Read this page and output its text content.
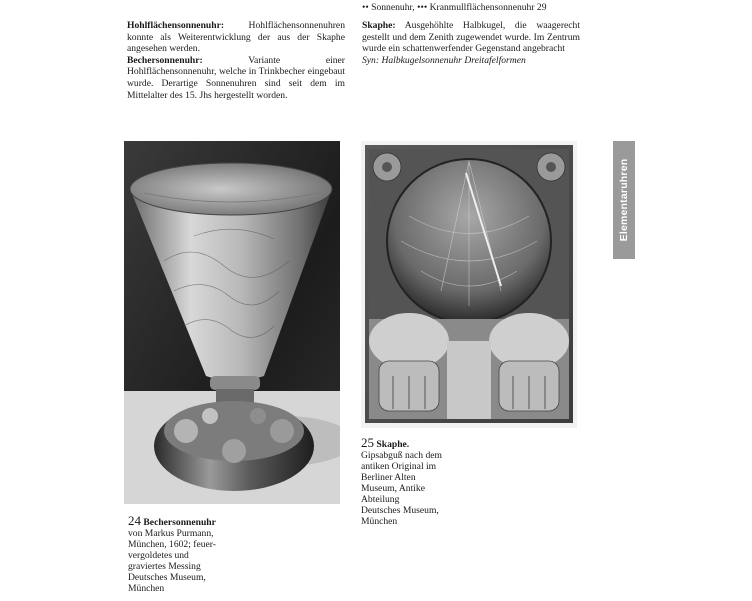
Hohlflächensonnenuhr:	Hohlflächensonnenuhren konnte als Weiterentwicklung der aus der Skaphe angesehen werden.
Bechersonnenuhr:	Variante einer Hohlflächensonnenuhr, welche in Trinkbecher eingebaut wurde. Derartige Sonnenuhren sind seit dem im Mittelalter des 15. Jhs hergestellt worden.
•• Sonnenuhr, ••• Kranmullflächensonnenuhr 29
Skaphe: Ausgehöhlte Halbkugel, die waagerecht gestellt und dem Zenith zugewendet wurde. Im Zentrum wurde ein schattenwerfender Gegenstand angebracht
Syn: Halbkugelsonnenuhr Dreitafelformen
Elementaruhren
24 Bechersonnenuhr
von Markus Purmann,
München, 1602; feuer-
vergoldetes und
graviertes Messing
Deutsches Museum,
München
25 Skaphe.
Gipsabguß nach dem
antiken Original im
Berliner Alten
Museum, Antike
Abteilung
Deutsches Museum,
München
